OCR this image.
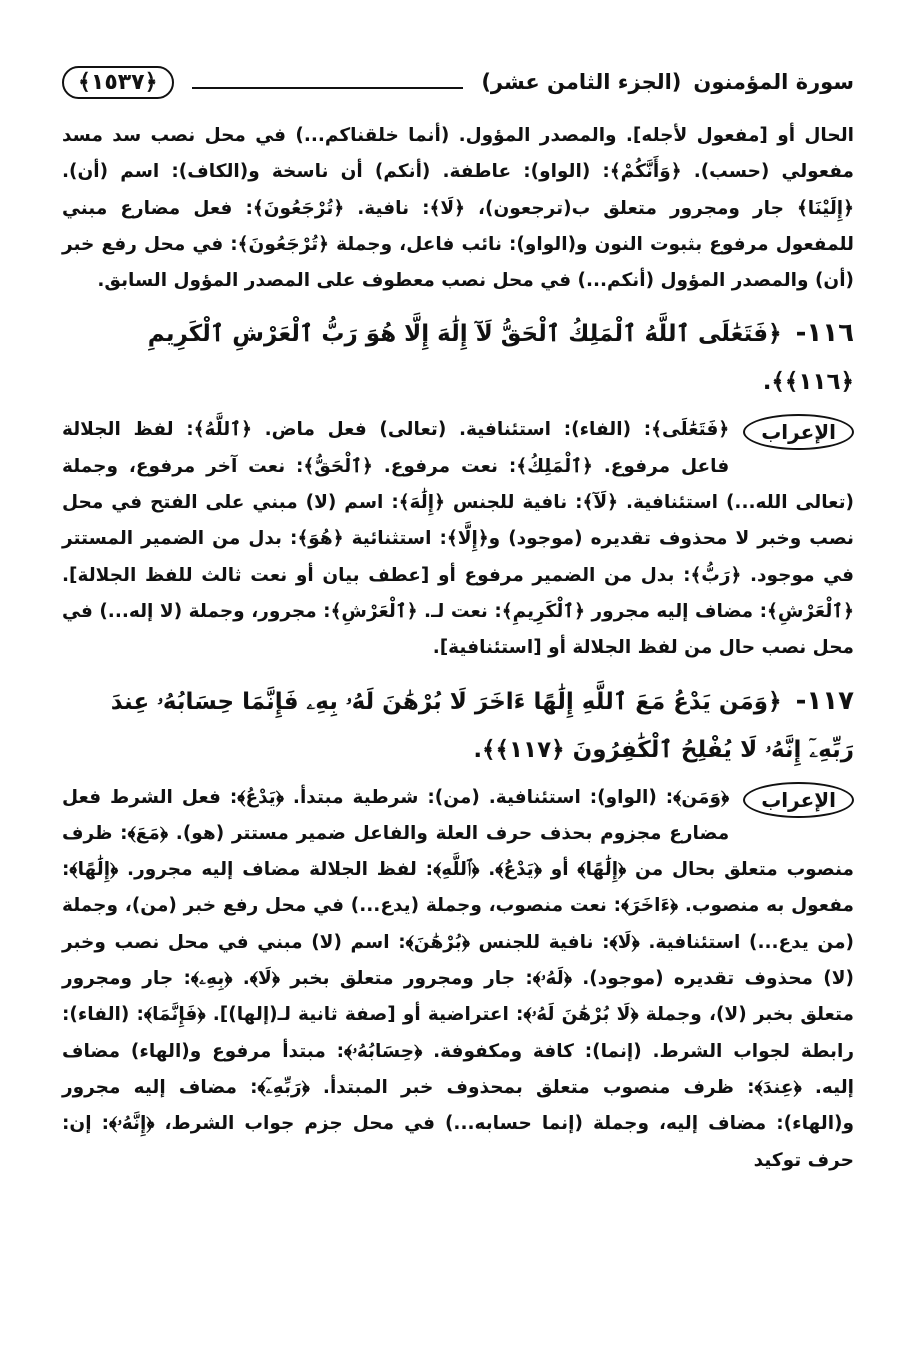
سورة المؤمنون
(الجزء الثامن عشر)
﴿١٥٣٧﴾

الحال أو [مفعول لأجله]. والمصدر المؤول. (أنما خلقناكم...) في محل نصب سد مسد مفعولي (حسب). ﴿وَأَنَّكُمْ﴾: (الواو): عاطفة. (أنكم) أن ناسخة و(الكاف): اسم (أن). ﴿إِلَيْنَا﴾ جار ومجرور متعلق ب(ترجعون)، ﴿لَا﴾: نافية. ﴿تُرْجَعُونَ﴾: فعل مضارع مبني للمفعول مرفوع بثبوت النون و(الواو): نائب فاعل، وجملة ﴿تُرْجَعُونَ﴾: في محل رفع خبر (أن) والمصدر المؤول (أنكم...) في محل نصب معطوف على المصدر المؤول السابق.

١١٦- ﴿فَتَعَٰلَى ٱللَّهُ ٱلْمَلِكُ ٱلْحَقُّ لَآ إِلَٰهَ إِلَّا هُوَ رَبُّ ٱلْعَرْشِ ٱلْكَرِيمِ ﴿١١٦﴾﴾.
الإعراب

﴿فَتَعَٰلَى﴾: (الفاء): استئنافية. (تعالى) فعل ماض. ﴿ٱللَّهُ﴾: لفظ الجلالة فاعل مرفوع. ﴿ٱلْمَلِكُ﴾: نعت مرفوع. ﴿ٱلْحَقُّ﴾: نعت آخر مرفوع، وجملة (تعالى الله...) استئنافية. ﴿لَآ﴾: نافية للجنس ﴿إِلَٰهَ﴾: اسم (لا) مبني على الفتح في محل نصب وخبر لا محذوف تقديره (موجود) و﴿إِلَّا﴾: استثنائية ﴿هُوَ﴾: بدل من الضمير المستتر في موجود. ﴿رَبُّ﴾: بدل من الضمير مرفوع أو [عطف بيان أو نعت ثالث للفظ الجلالة]. ﴿ٱلْعَرْشِ﴾: مضاف إليه مجرور ﴿ٱلْكَرِيمِ﴾: نعت لـ. ﴿ٱلْعَرْشِ﴾: مجرور، وجملة (لا إله...) في محل نصب حال من لفظ الجلالة أو [استئنافية].

١١٧- ﴿وَمَن يَدْعُ مَعَ ٱللَّهِ إِلَٰهًا ءَاخَرَ لَا بُرْهَٰنَ لَهُۥ بِهِۦ فَإِنَّمَا حِسَابُهُۥ عِندَ رَبِّهِۦٓ إِنَّهُۥ لَا يُفْلِحُ ٱلْكَٰفِرُونَ ﴿١١٧﴾﴾.
الإعراب

﴿وَمَن﴾: (الواو): استئنافية. (من): شرطية مبتدأ. ﴿يَدْعُ﴾: فعل الشرط فعل مضارع مجزوم بحذف حرف العلة والفاعل ضمير مستتر (هو). ﴿مَعَ﴾: ظرف منصوب متعلق بحال من ﴿إِلَٰهًا﴾ أو ﴿يَدْعُ﴾. ﴿ٱللَّهِ﴾: لفظ الجلالة مضاف إليه مجرور. ﴿إِلَٰهًا﴾: مفعول به منصوب. ﴿ءَاخَرَ﴾: نعت منصوب، وجملة (يدع...) في محل رفع خبر (من)، وجملة (من يدع...) استئنافية. ﴿لَا﴾: نافية للجنس ﴿بُرْهَٰنَ﴾: اسم (لا) مبني في محل نصب وخبر (لا) محذوف تقديره (موجود). ﴿لَهُۥ﴾: جار ومجرور متعلق بخبر ﴿لَا﴾. ﴿بِهِۦ﴾: جار ومجرور متعلق بخبر (لا)، وجملة ﴿لَا بُرْهَٰنَ لَهُۥ﴾: اعتراضية أو [صفة ثانية لـ(إلها)]. ﴿فَإِنَّمَا﴾: (الفاء): رابطة لجواب الشرط. (إنما): كافة ومكفوفة. ﴿حِسَابُهُۥ﴾: مبتدأ مرفوع و(الهاء) مضاف إليه. ﴿عِندَ﴾: ظرف منصوب متعلق بمحذوف خبر المبتدأ. ﴿رَبِّهِۦٓ﴾: مضاف إليه مجرور و(الهاء): مضاف إليه، وجملة (إنما حسابه...) في محل جزم جواب الشرط، ﴿إِنَّهُۥ﴾: إن: حرف توكيد
